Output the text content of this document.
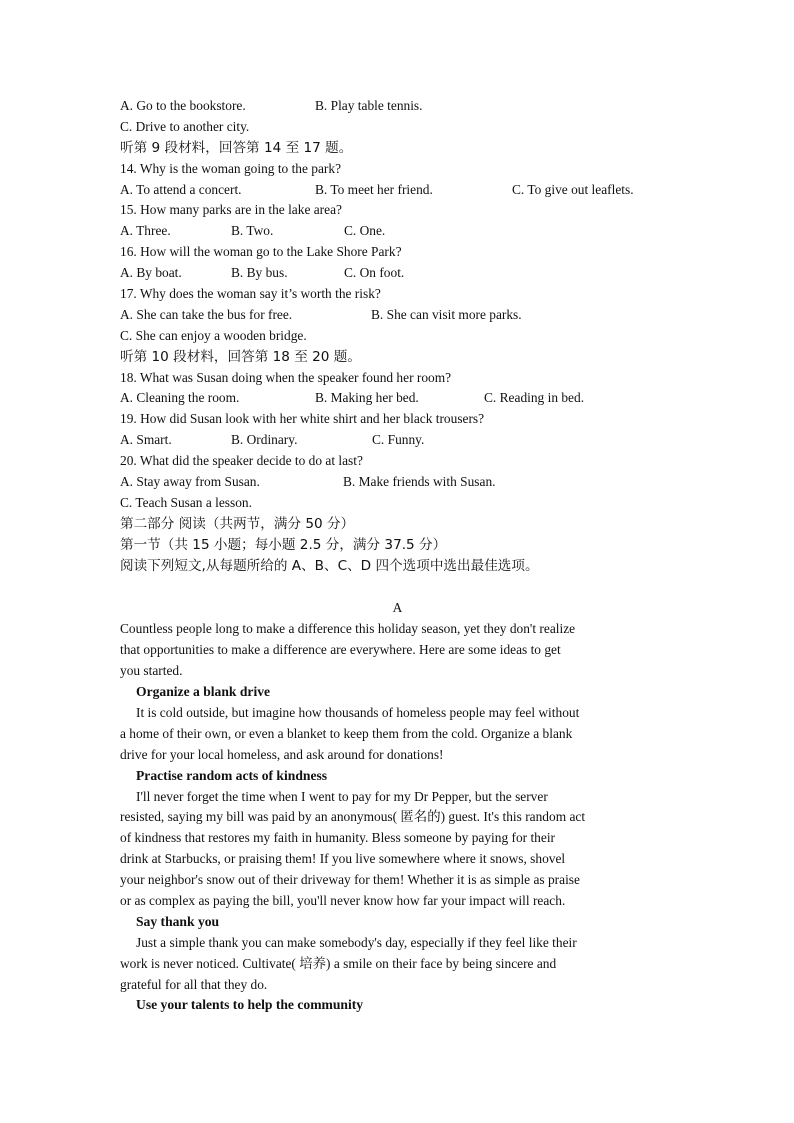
A. Go to the bookstore.	B. Play table tennis.
C. Drive to another city.
听第 9 段材料，回答第 14 至 17 题。
14. Why is the woman going to the park?
A. To attend a concert.	B. To meet her friend.	C. To give out leaflets.
15. How many parks are in the lake area?
A. Three.	B. Two.	C. One.
16. How will the woman go to the Lake Shore Park?
A. By boat.	B. By bus.	C. On foot.
17. Why does the woman say it’s worth the risk?
A. She can take the bus for free.	B. She can visit more parks.
C. She can enjoy a wooden bridge.
听第 10 段材料，回答第 18 至 20 题。
18. What was Susan doing when the speaker found her room?
A. Cleaning the room.	B. Making her bed.	C. Reading in bed.
19. How did Susan look with her white shirt and her black trousers?
A. Smart.	B. Ordinary.	C. Funny.
20. What did the speaker decide to do at last?
A. Stay away from Susan.	B. Make friends with Susan.
C. Teach Susan a lesson.
第二部分 阅读（共两节，满分 50 分）
第一节（共 15 小题；每小题 2.5 分，满分 37.5 分）
阅读下列短文,从每题所给的 A、B、C、D 四个选项中选出最佳选项。
A
Countless people long to make a difference this holiday season, yet they don't realize
that opportunities to make a difference are everywhere. Here are some ideas to get
you started.
Organize a blank drive
It is cold outside, but imagine how thousands of homeless people may feel without
a home of their own, or even a blanket to keep them from the cold. Organize a blank
drive for your local homeless, and ask around for donations!
Practise random acts of kindness
I'll never forget the time when I went to pay for my Dr Pepper, but the server
resisted, saying my bill was paid by an anonymous( 匿名的) guest. It's this random act
of kindness that restores my faith in humanity. Bless someone by paying for their
drink at Starbucks, or praising them! If you live somewhere where it snows, shovel
your neighbor's snow out of their driveway for them! Whether it is as simple as praise
or as complex as paying the bill, you'll never know how far your impact will reach.
Say thank you
Just a simple thank you can make somebody's day, especially if they feel like their
work is never noticed. Cultivate( 培养) a smile on their face by being sincere and
grateful for all that they do.
Use your talents to help the community
